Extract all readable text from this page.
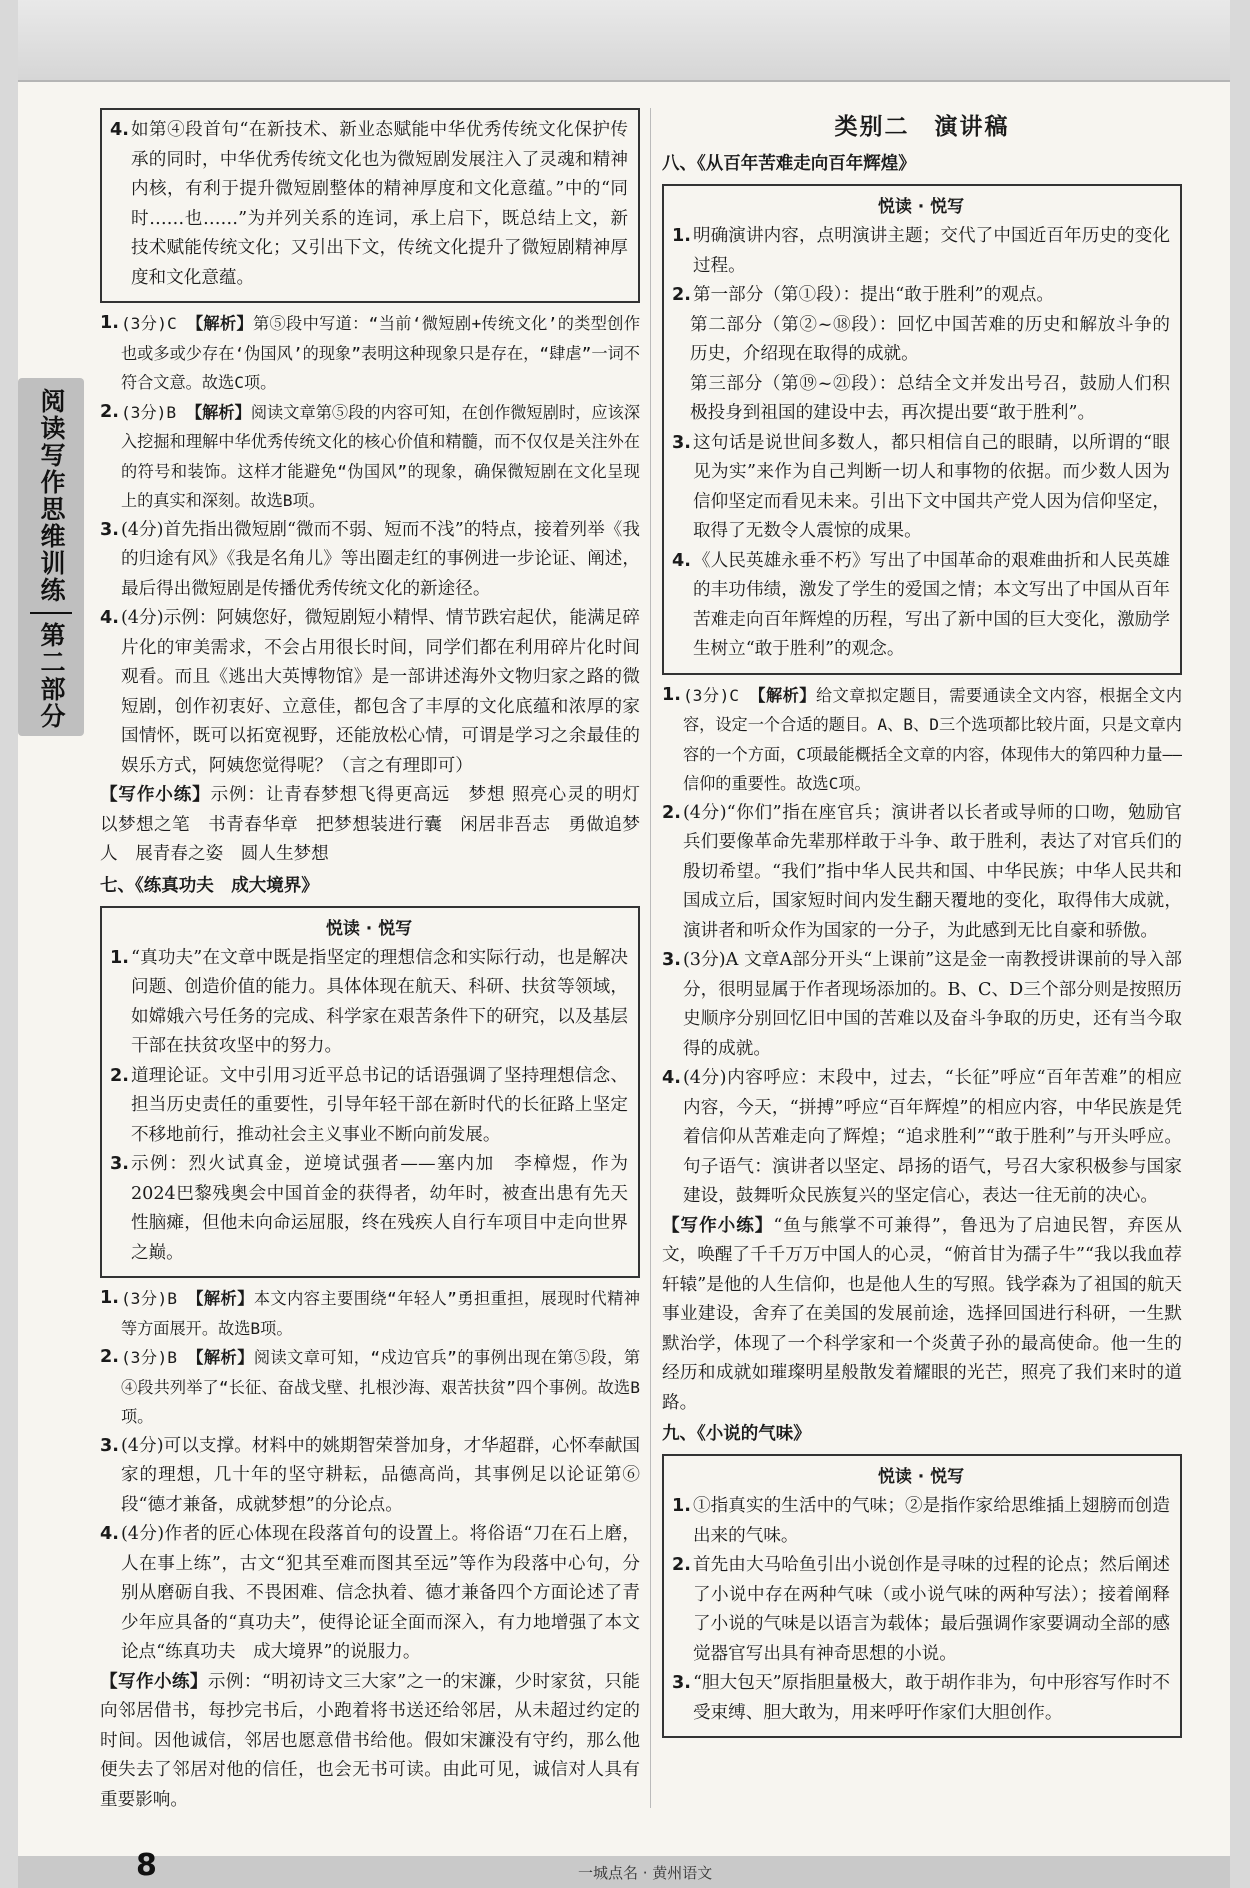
阅读写作思维训练
第二部分
4. 如第④段首句“在新技术、新业态赋能中华优秀传统文化保护传承的同时，中华优秀传统文化也为微短剧发展注入了灵魂和精神内核，有利于提升微短剧整体的精神厚度和文化意蕴。”中的“同时……也……”为并列关系的连词，承上启下，既总结上文，新技术赋能传统文化；又引出下文，传统文化提升了微短剧精神厚度和文化意蕴。
1. (3分)C 【解析】第⑤段中写道：“当前‘微短剧+传统文化’的类型创作也或多或少存在‘伪国风’的现象”表明这种现象只是存在，“肆虐”一词不符合文意。故选C项。
2. (3分)B 【解析】阅读文章第⑤段的内容可知，在创作微短剧时，应该深入挖掘和理解中华优秀传统文化的核心价值和精髓，而不仅仅是关注外在的符号和装饰。这样才能避免“伪国风”的现象，确保微短剧在文化呈现上的真实和深刻。故选B项。
3. (4分)首先指出微短剧“微而不弱、短而不浅”的特点，接着列举《我的归途有风》《我是名角儿》等出圈走红的事例进一步论证、阐述，最后得出微短剧是传播优秀传统文化的新途径。
4. (4分)示例：阿姨您好，微短剧短小精悍、情节跌宕起伏，能满足碎片化的审美需求，不会占用很长时间，同学们都在利用碎片化时间观看。而且《逃出大英博物馆》是一部讲述海外文物归家之路的微短剧，创作初衷好、立意佳，都包含了丰厚的文化底蕴和浓厚的家国情怀，既可以拓宽视野，还能放松心情，可谓是学习之余最佳的娱乐方式，阿姨您觉得呢？（言之有理即可）
【写作小练】示例：让青春梦想飞得更高远　梦想 照亮心灵的明灯　以梦想之笔　书青春华章　把梦想装进行囊　闲居非吾志　勇做追梦人　展青春之姿　圆人生梦想
七、《练真功夫　成大境界》
悦读 · 悦写
1. “真功夫”在文章中既是指坚定的理想信念和实际行动，也是解决问题、创造价值的能力。具体体现在航天、科研、扶贫等领域，如嫦娥六号任务的完成、科学家在艰苦条件下的研究，以及基层干部在扶贫攻坚中的努力。
2. 道理论证。文中引用习近平总书记的话语强调了坚持理想信念、担当历史责任的重要性，引导年轻干部在新时代的长征路上坚定不移地前行，推动社会主义事业不断向前发展。
3. 示例：烈火试真金，逆境试强者——塞内加　李樟煜，作为2024巴黎残奥会中国首金的获得者，幼年时，被查出患有先天性脑瘫，但他未向命运屈服，终在残疾人自行车项目中走向世界之巅。
1. (3分)B 【解析】本文内容主要围绕“年轻人”勇担重担，展现时代精神等方面展开。故选B项。
2. (3分)B 【解析】阅读文章可知，“戍边官兵”的事例出现在第⑤段，第④段共列举了“长征、奋战戈壁、扎根沙海、艰苦扶贫”四个事例。故选B项。
3. (4分)可以支撑。材料中的姚期智荣誉加身，才华超群，心怀奉献国家的理想，几十年的坚守耕耘，品德高尚，其事例足以论证第⑥段“德才兼备，成就梦想”的分论点。
4. (4分)作者的匠心体现在段落首句的设置上。将俗语“刀在石上磨，人在事上练”，古文“犯其至难而图其至远”等作为段落中心句，分别从磨砺自我、不畏困难、信念执着、德才兼备四个方面论述了青少年应具备的“真功夫”，使得论证全面而深入，有力地增强了本文论点“练真功夫　成大境界”的说服力。
【写作小练】示例：“明初诗文三大家”之一的宋濂，少时家贫，只能向邻居借书，每抄完书后，小跑着将书送还给邻居，从未超过约定的时间。因他诚信，邻居也愿意借书给他。假如宋濂没有守约，那么他便失去了邻居对他的信任，也会无书可读。由此可见，诚信对人具有重要影响。
类别二　演讲稿
八、《从百年苦难走向百年辉煌》
悦读 · 悦写
1. 明确演讲内容，点明演讲主题；交代了中国近百年历史的变化过程。
2. 第一部分（第①段）：提出“敢于胜利”的观点。
第二部分（第②~⑱段）：回忆中国苦难的历史和解放斗争的历史，介绍现在取得的成就。
第三部分（第⑲~㉑段）：总结全文并发出号召，鼓励人们积极投身到祖国的建设中去，再次提出要“敢于胜利”。
3. 这句话是说世间多数人，都只相信自己的眼睛，以所谓的“眼见为实”来作为自己判断一切人和事物的依据。而少数人因为信仰坚定而看见未来。引出下文中国共产党人因为信仰坚定，取得了无数令人震惊的成果。
4. 《人民英雄永垂不朽》写出了中国革命的艰难曲折和人民英雄的丰功伟绩，激发了学生的爱国之情；本文写出了中国从百年苦难走向百年辉煌的历程，写出了新中国的巨大变化，激励学生树立“敢于胜利”的观念。
1. (3分)C 【解析】给文章拟定题目，需要通读全文内容，根据全文内容，设定一个合适的题目。A、B、D三个选项都比较片面，只是文章内容的一个方面，C项最能概括全文章的内容，体现伟大的第四种力量——信仰的重要性。故选C项。
2. (4分)“你们”指在座官兵；演讲者以长者或导师的口吻，勉励官兵们要像革命先辈那样敢于斗争、敢于胜利，表达了对官兵们的殷切希望。“我们”指中华人民共和国、中华民族；中华人民共和国成立后，国家短时间内发生翻天覆地的变化，取得伟大成就，演讲者和听众作为国家的一分子，为此感到无比自豪和骄傲。
3. (3分)A 文章A部分开头“上课前”这是金一南教授讲课前的导入部分，很明显属于作者现场添加的。B、C、D三个部分则是按照历史顺序分别回忆旧中国的苦难以及奋斗争取的历史，还有当今取得的成就。
4. (4分)内容呼应：末段中，过去，“长征”呼应“百年苦难”的相应内容，今天，“拼搏”呼应“百年辉煌”的相应内容，中华民族是凭着信仰从苦难走向了辉煌；“追求胜利”“敢于胜利”与开头呼应。句子语气：演讲者以坚定、昂扬的语气，号召大家积极参与国家建设，鼓舞听众民族复兴的坚定信心，表达一往无前的决心。
【写作小练】“鱼与熊掌不可兼得”，鲁迅为了启迪民智，弃医从文，唤醒了千千万万中国人的心灵，“俯首甘为孺子牛”“我以我血荐轩辕”是他的人生信仰，也是他人生的写照。钱学森为了祖国的航天事业建设，舍弃了在美国的发展前途，选择回国进行科研，一生默默治学，体现了一个科学家和一个炎黄子孙的最高使命。他一生的经历和成就如璀璨明星般散发着耀眼的光芒，照亮了我们来时的道路。
九、《小说的气味》
悦读 · 悦写
1. ①指真实的生活中的气味；②是指作家给思维插上翅膀而创造出来的气味。
2. 首先由大马哈鱼引出小说创作是寻味的过程的论点；然后阐述了小说中存在两种气味（或小说气味的两种写法）；接着阐释了小说的气味是以语言为载体；最后强调作家要调动全部的感觉器官写出具有神奇思想的小说。
3. “胆大包天”原指胆量极大，敢于胡作非为，句中形容写作时不受束缚、胆大敢为，用来呼吁作家们大胆创作。
8	一城点名 · 黄州语文
